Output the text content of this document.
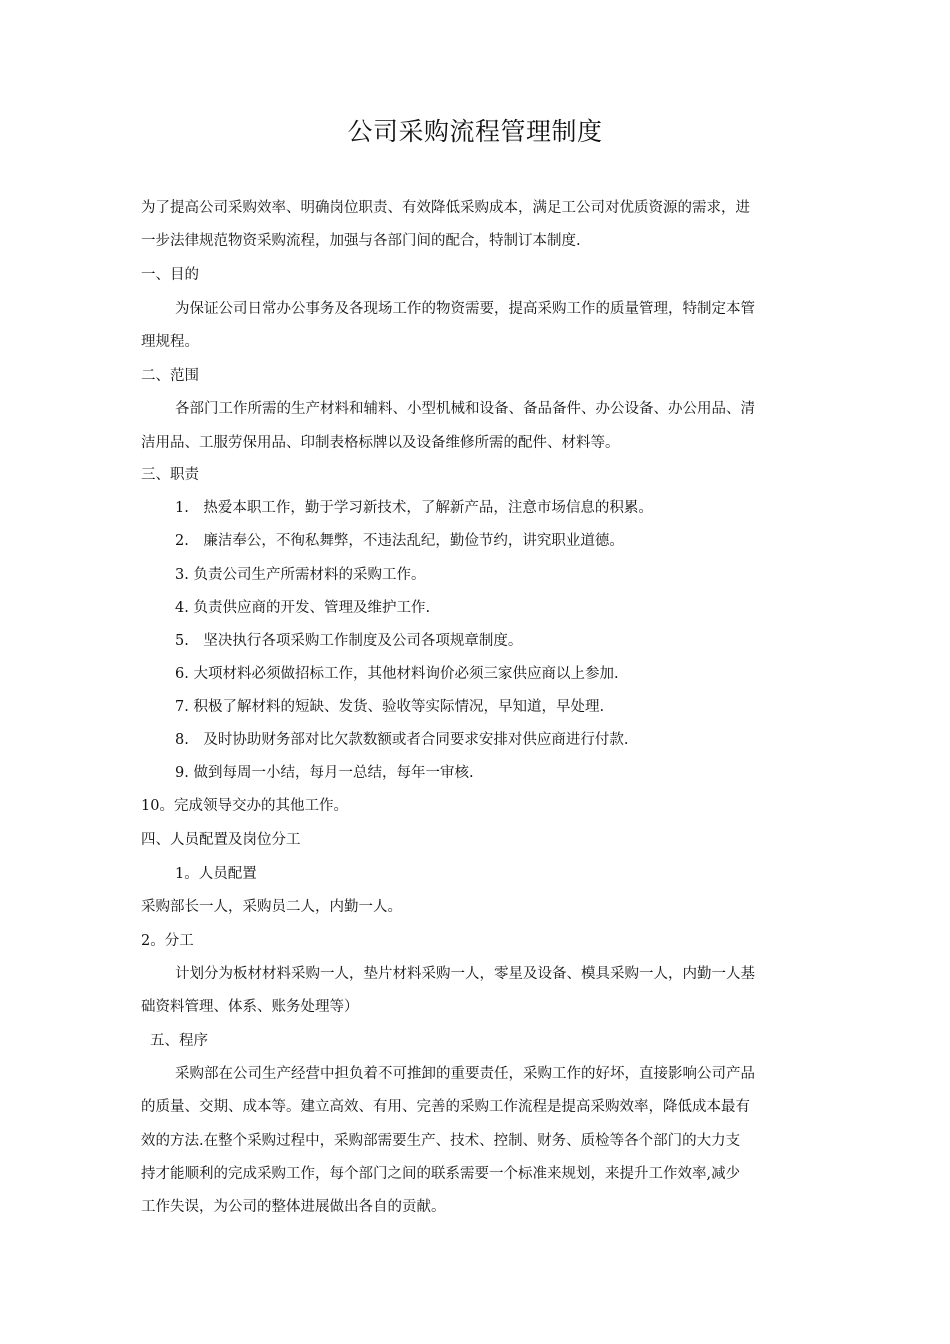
公司采购流程管理制度
为了提高公司采购效率、明确岗位职责、有效降低采购成本，满足工公司对优质资源的需求，进
一步法律规范物资采购流程，加强与各部门间的配合，特制订本制度.
一、目的
为保证公司日常办公事务及各现场工作的物资需要，提高采购工作的质量管理，特制定本管
理规程。
二、范围
各部门工作所需的生产材料和辅料、小型机械和设备、备品备件、办公设备、办公用品、清
洁用品、工服劳保用品、印制表格标牌以及设备维修所需的配件、材料等。
三、职责
1.　热爱本职工作，勤于学习新技术，了解新产品，注意市场信息的积累。
2.　廉洁奉公，不徇私舞弊，不违法乱纪，勤俭节约，讲究职业道德。
3. 负责公司生产所需材料的采购工作。
4. 负责供应商的开发、管理及维护工作.
5.　坚决执行各项采购工作制度及公司各项规章制度。
6. 大项材料必须做招标工作，其他材料询价必须三家供应商以上参加.
7. 积极了解材料的短缺、发货、验收等实际情况，早知道，早处理.
8.　及时协助财务部对比欠款数额或者合同要求安排对供应商进行付款.
9. 做到每周一小结，每月一总结，每年一审核.
10。完成领导交办的其他工作。
四、人员配置及岗位分工
1。人员配置
采购部长一人，采购员二人，内勤一人。
2。分工
计划分为板材材料采购一人，垫片材料采购一人，零星及设备、模具采购一人，内勤一人基
础资料管理、体系、账务处理等）
五、程序
采购部在公司生产经营中担负着不可推卸的重要责任，采购工作的好坏，直接影响公司产品
的质量、交期、成本等。建立高效、有用、完善的采购工作流程是提高采购效率，降低成本最有
效的方法.在整个采购过程中，采购部需要生产、技术、控制、财务、质检等各个部门的大力支
持才能顺利的完成采购工作，每个部门之间的联系需要一个标准来规划，来提升工作效率,减少
工作失误，为公司的整体进展做出各自的贡献。
